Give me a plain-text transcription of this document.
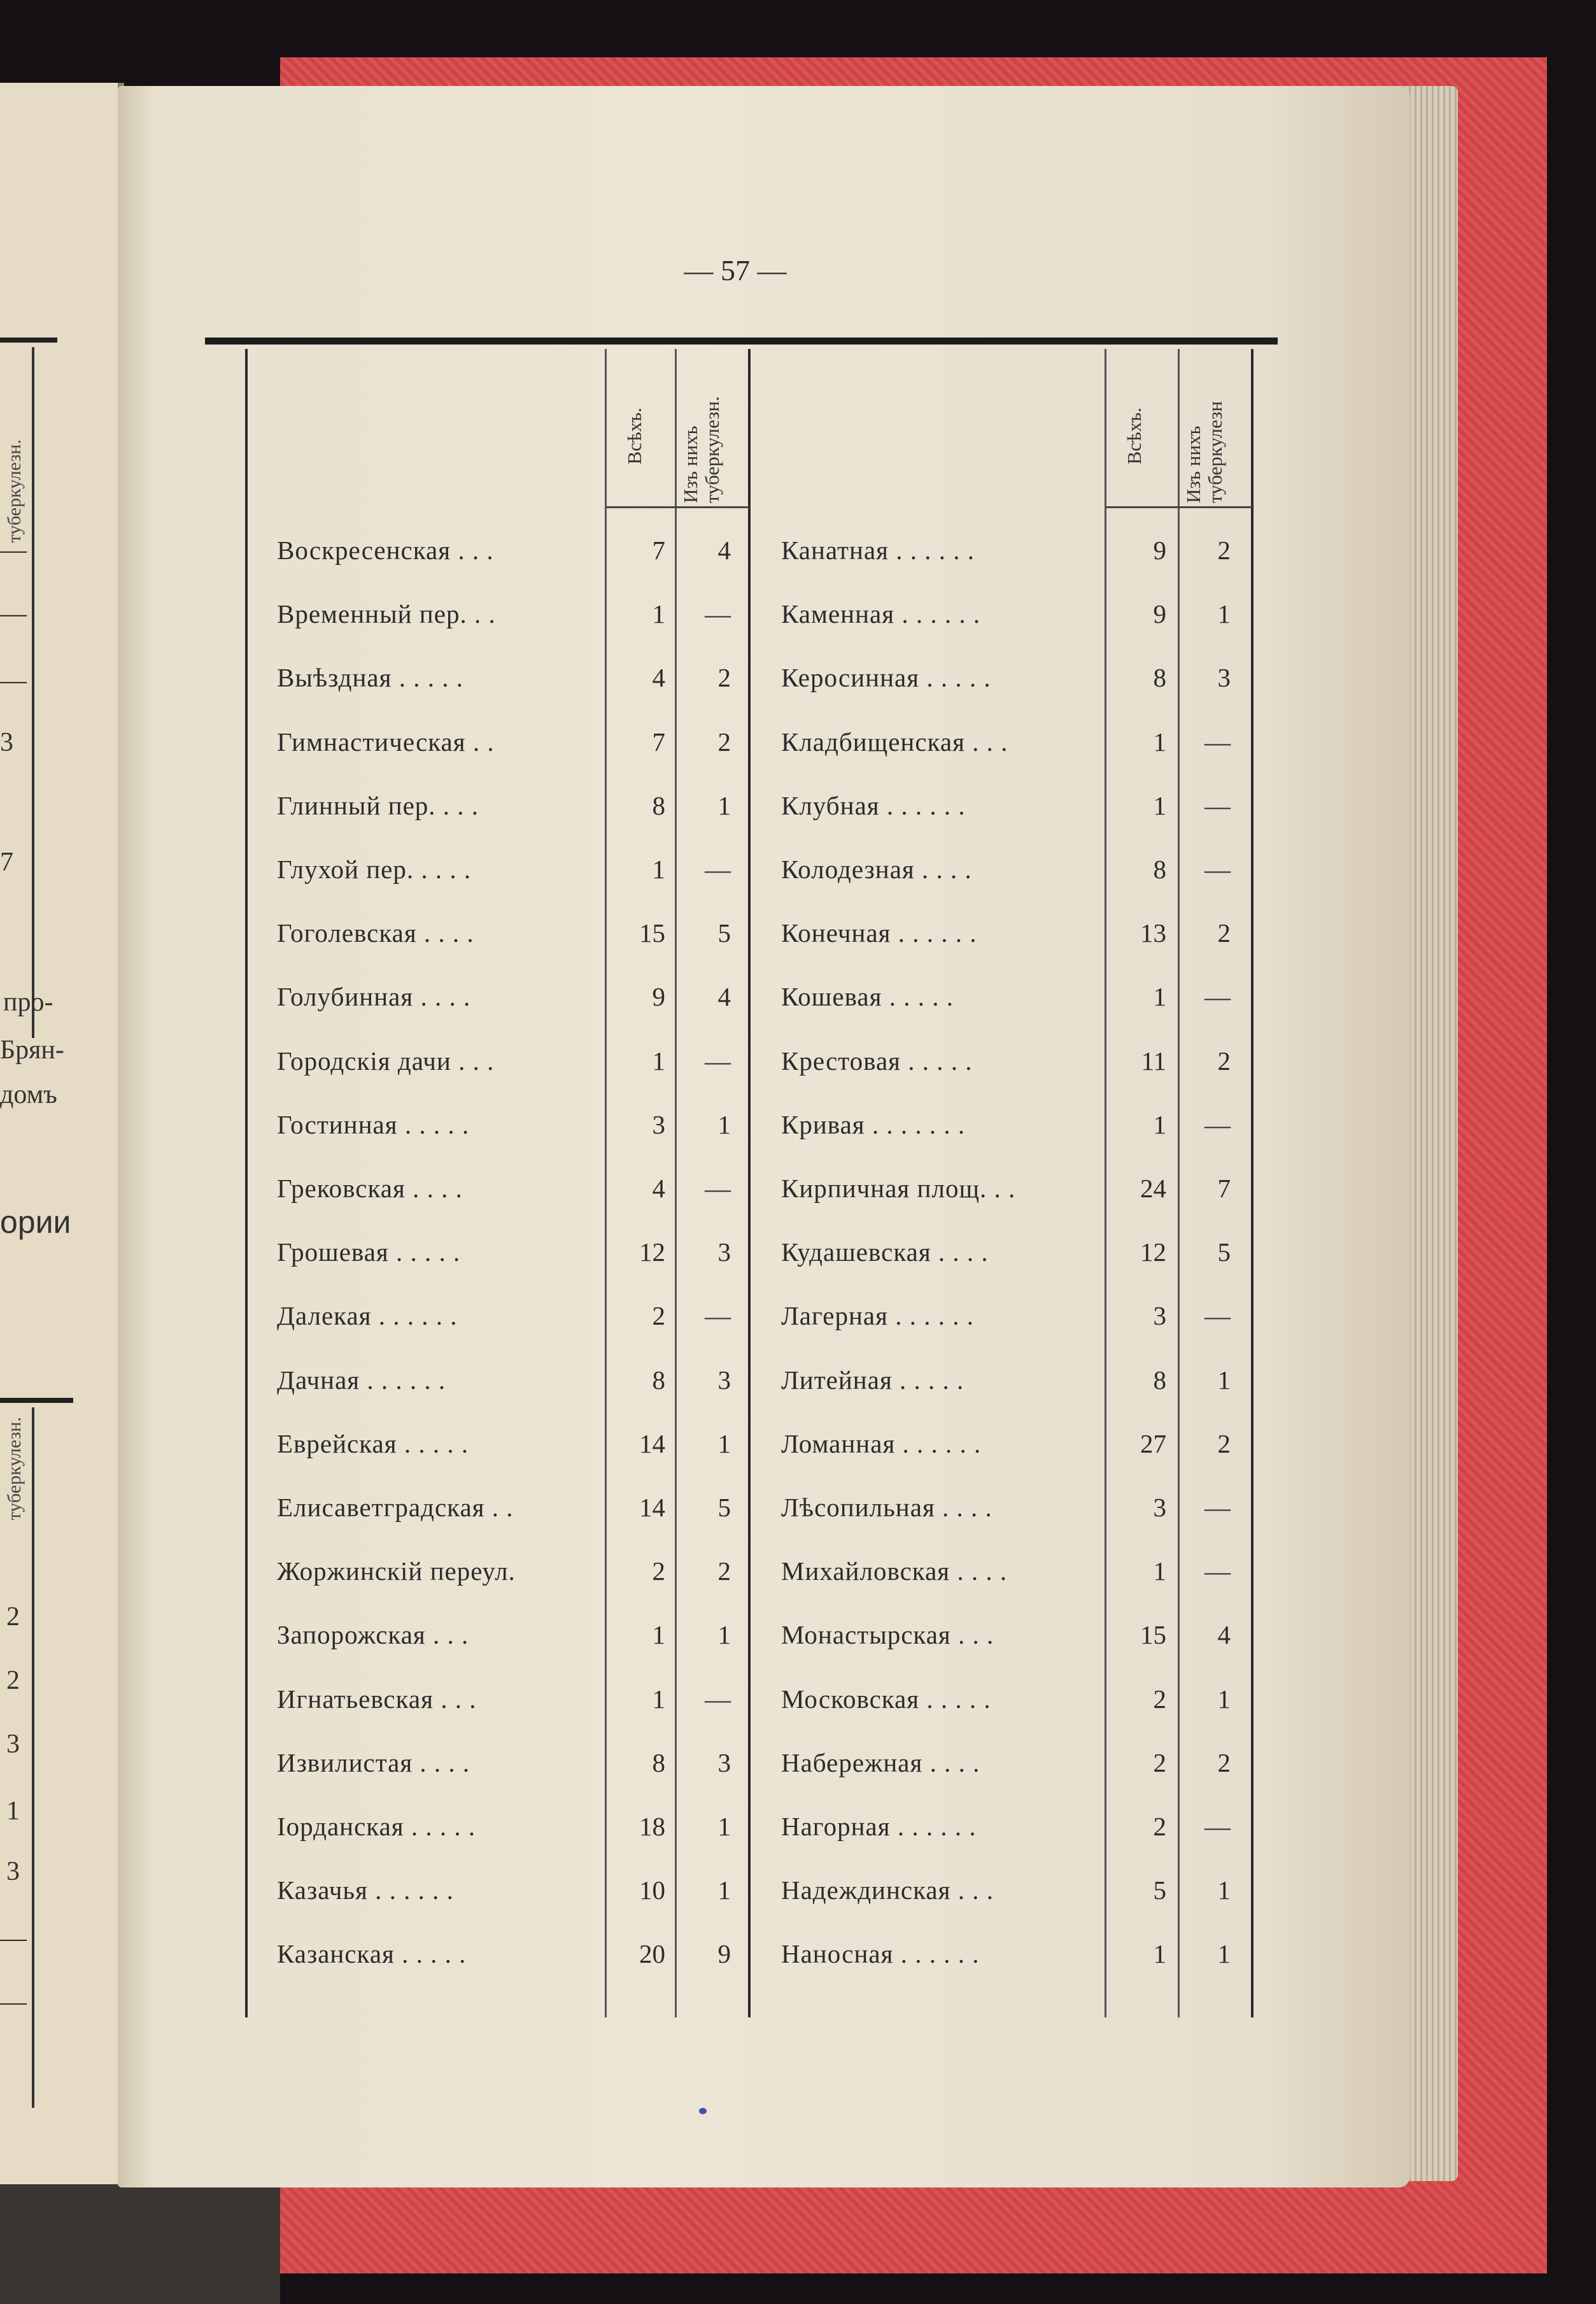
туберкулезн.
—
—
—
3
7
про-
Брян-
домъ
ории
туберкулезн.
2
2
3
1
3
—
—
— 57 —
Всѣхъ. Изъ нихъ туберкулезн.	Всѣхъ. Изъ нихъ туберкулезн
Воскресенская . . .	7	4
Временный пер. . .	1	—
Выѣздная . . . . .	4	2
Гимнастическая . .	7	2
Глинный пер. . . .	8	1
Глухой пер. . . . .	1	—
Гоголевская . . . .	15	5
Голубинная . . . .	9	4
Городскія дачи . . .	1	—
Гостинная . . . . .	3	1
Грековская . . . .	4	—
Грошевая . . . . .	12	3
Далекая . . . . . .	2	—
Дачная . . . . . .	8	3
Еврейская . . . . .	14	1
Елисаветградская . .	14	5
Жоржинскій переул.	2	2
Запорожская . . .	1	1
Игнатьевская . . .	1	—
Извилистая . . . .	8	3
Іорданская . . . . .	18	1
Казачья . . . . . .	10	1
Казанская . . . . .	20	9
Канатная . . . . . .	9	2
Каменная . . . . . .	9	1
Керосинная . . . . .	8	3
Кладбищенская . . .	1	—
Клубная . . . . . .	1	—
Колодезная . . . .	8	—
Конечная . . . . . .	13	2
Кошевая . . . . .	1	—
Крестовая . . . . .	11	2
Кривая . . . . . . .	1	—
Кирпичная площ. . .	24	7
Кудашевская . . . .	12	5
Лагерная . . . . . .	3	—
Литейная . . . . .	8	1
Ломанная . . . . . .	27	2
Лѣсопильная . . . .	3	—
Михайловская . . . .	1	—
Монастырская . . .	15	4
Московская . . . . .	2	1
Набережная . . . .	2	2
Нагорная . . . . . .	2	—
Надеждинская . . .	5	1
Наносная . . . . . .	1	1
